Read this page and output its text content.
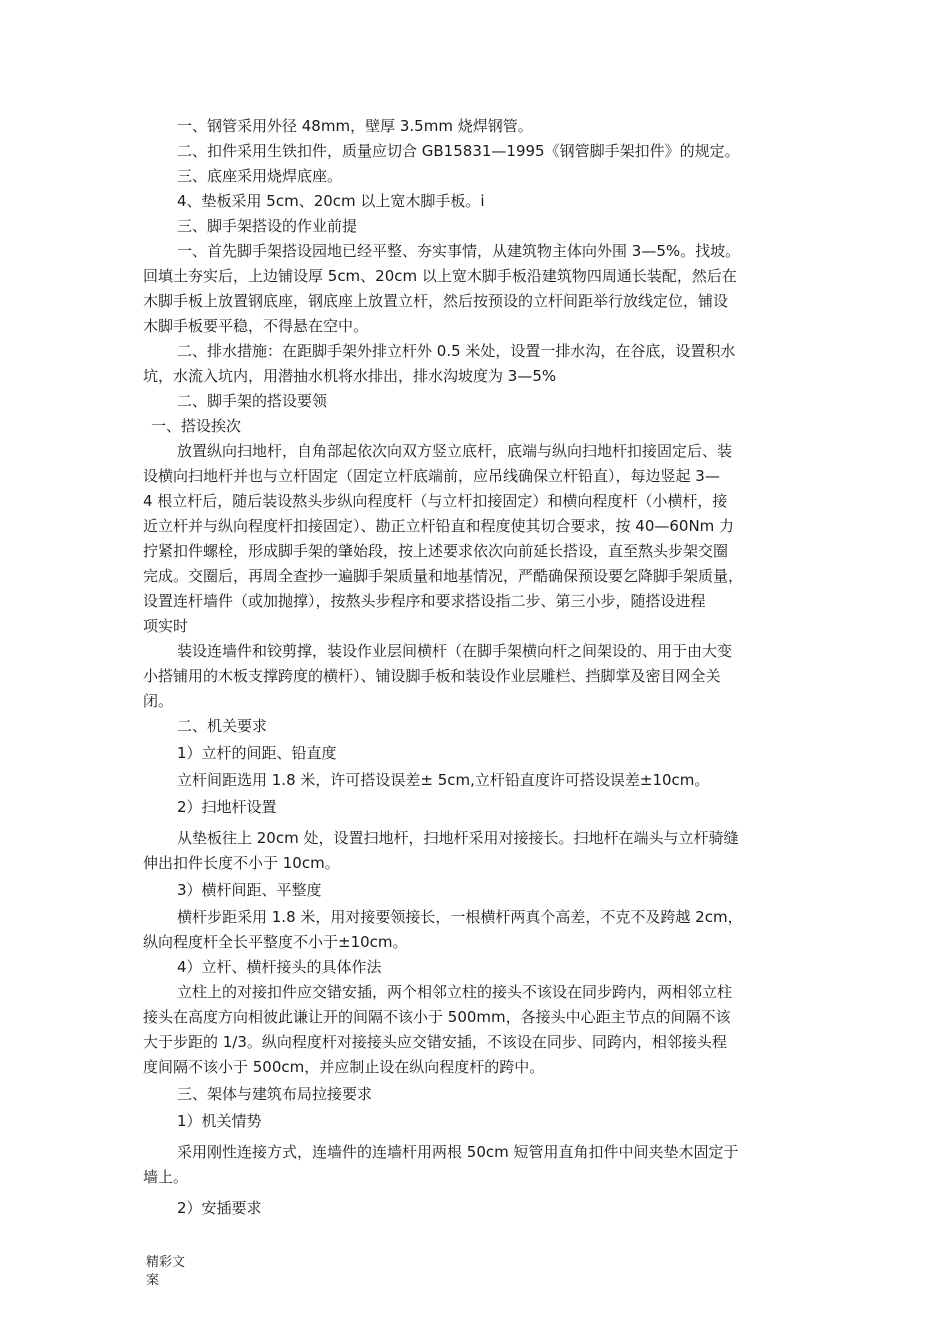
一、钢管采用外径 48mm，壁厚 3.5mm 烧焊钢管。

二、扣件采用生铁扣件，质量应切合 GB15831—1995《钢管脚手架扣件》的规定。

三、底座采用烧焊底座。

4、垫板采用 5cm、20cm 以上宽木脚手板。i

三、脚手架搭设的作业前提

一、首先脚手架搭设园地已经平整、夯实事情，从建筑物主体向外围 3—5%。找坡。

回填土夯实后，上边铺设厚 5cm、20cm 以上宽木脚手板沿建筑物四周通长装配，然后在

木脚手板上放置钢底座，钢底座上放置立杆，然后按预设的立杆间距举行放线定位，铺设

木脚手板要平稳，不得悬在空中。

二、排水措施：在距脚手架外排立杆外 0.5 米处，设置一排水沟，在谷底，设置积水

坑，水流入坑内，用潜抽水机将水排出，排水沟坡度为 3—5%

二、脚手架的搭设要领

一、搭设挨次

放置纵向扫地杆，自角部起依次向双方竖立底杆，底端与纵向扫地杆扣接固定后、装

设横向扫地杆并也与立杆固定（固定立杆底端前，应吊线确保立杆铅直），每边竖起 3—

4 根立杆后，随后装设熬头步纵向程度杆（与立杆扣接固定）和横向程度杆（小横杆，接

近立杆并与纵向程度杆扣接固定）、勘正立杆铅直和程度使其切合要求，按 40—60Nm 力

拧紧扣件螺栓，形成脚手架的肇始段，按上述要求依次向前延长搭设，直至熬头步架交圈

完成。交圈后，再周全查抄一遍脚手架质量和地基情况，严酷确保预设要乞降脚手架质量，

设置连杆墙件（或加抛撑），按熬头步程序和要求搭设指二步、第三小步，随搭设进程

项实时

装设连墙件和铰剪撑，装设作业层间横杆（在脚手架横向杆之间架设的、用于由大变

小搭铺用的木板支撑跨度的横杆）、铺设脚手板和装设作业层雕栏、挡脚掌及密目网全关

闭。

二、机关要求

1）立杆的间距、铅直度

立杆间距选用 1.8 米，许可搭设误差± 5cm,立杆铅直度许可搭设误差±10cm。

2）扫地杆设置

从垫板往上 20cm 处，设置扫地杆，扫地杆采用对接接长。扫地杆在端头与立杆骑缝

伸出扣件长度不小于 10cm。

3）横杆间距、平整度

横杆步距采用 1.8 米，用对接要领接长，一根横杆两真个高差，不克不及跨越 2cm，

纵向程度杆全长平整度不小于±10cm。

4）立杆、横杆接头的具体作法

立柱上的对接扣件应交错安插，两个相邻立柱的接头不该设在同步跨内，两相邻立柱

接头在高度方向相彼此谦让开的间隔不该小于 500mm，各接头中心距主节点的间隔不该

大于步距的 1/3。纵向程度杆对接接头应交错安插，不该设在同步、同跨内，相邻接头程

度间隔不该小于 500cm，并应制止设在纵向程度杆的跨中。

三、架体与建筑布局拉接要求

1）机关情势

采用刚性连接方式，连墙件的连墙杆用两根 50cm 短管用直角扣件中间夹垫木固定于

墙上。

2）安插要求

精彩文
案
